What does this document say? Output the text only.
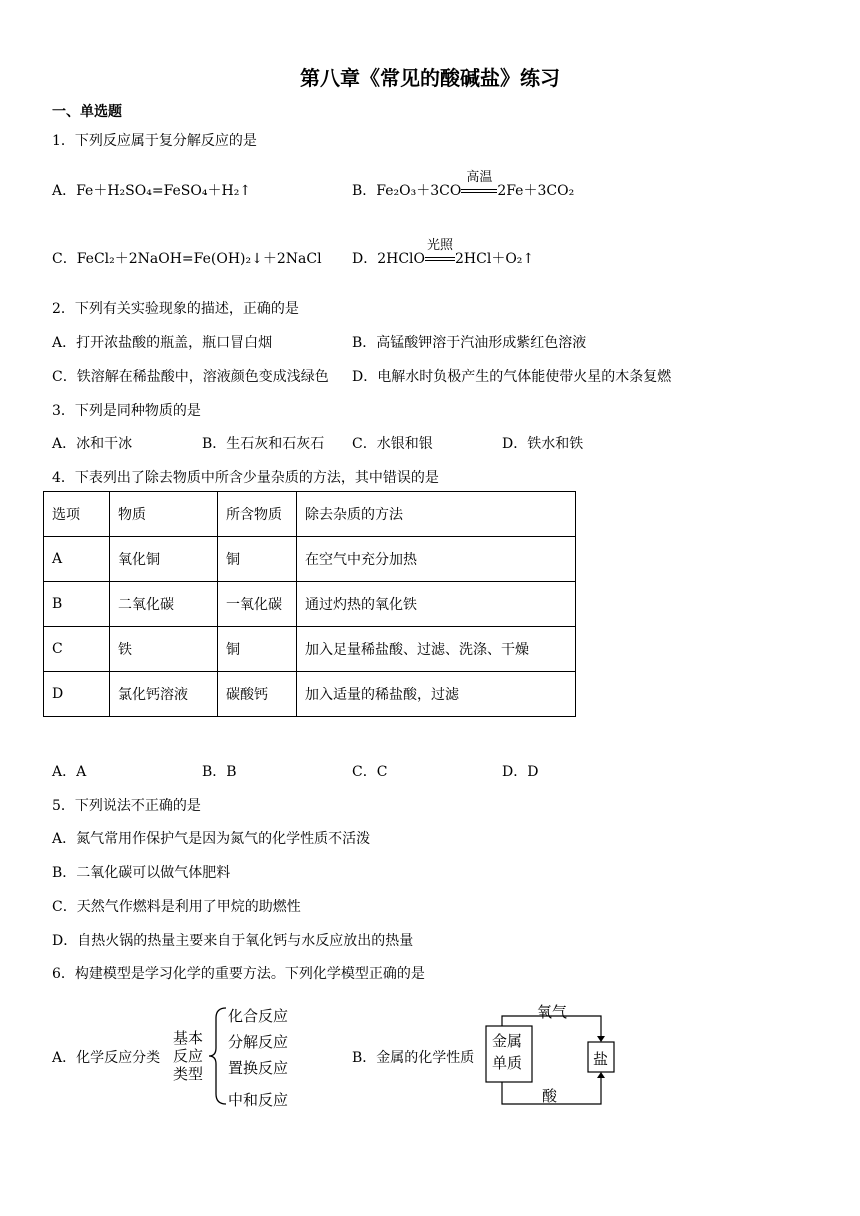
第八章《常见的酸碱盐》练习
一、单选题
1．下列反应属于复分解反应的是
A．Fe＋H₂SO₄=FeSO₄＋H₂↑	B．Fe₂O₃＋3CO
高温
2Fe＋3CO₂
C．FeCl₂＋2NaOH=Fe(OH)₂↓＋2NaCl D．2HClO
光照
2HCl＋O₂↑
2．下列有关实验现象的描述，正确的是
A．打开浓盐酸的瓶盖，瓶口冒白烟	B．高锰酸钾溶于汽油形成紫红色溶液
C．铁溶解在稀盐酸中，溶液颜色变成浅绿色 D．电解水时负极产生的气体能使带火星的木条复燃
3．下列是同种物质的是
A．冰和干冰	B．生石灰和石灰石 C．水银和银	D．铁水和铁
4．下表列出了除去物质中所含少量杂质的方法，其中错误的是
选项	物质	所含物质	除去杂质的方法
A	氧化铜	铜	在空气中充分加热
B	二氧化碳	一氧化碳	通过灼热的氧化铁
C	铁	铜	加入足量稀盐酸、过滤、洗涤、干燥
D	氯化钙溶液	碳酸钙	加入适量的稀盐酸，过滤
A．A	B．B	C．C	D．D
5．下列说法不正确的是
A．氮气常用作保护气是因为氮气的化学性质不活泼
B．二氧化碳可以做气体肥料
C．天然气作燃料是利用了甲烷的助燃性
D．自热火锅的热量主要来自于氧化钙与水反应放出的热量
6．构建模型是学习化学的重要方法。下列化学模型正确的是
A．化学反应分类
基本
反应
类型
化合反应
分解反应
置换反应
中和反应
B．金属的化学性质
氧气
金属
单质	盐
酸
